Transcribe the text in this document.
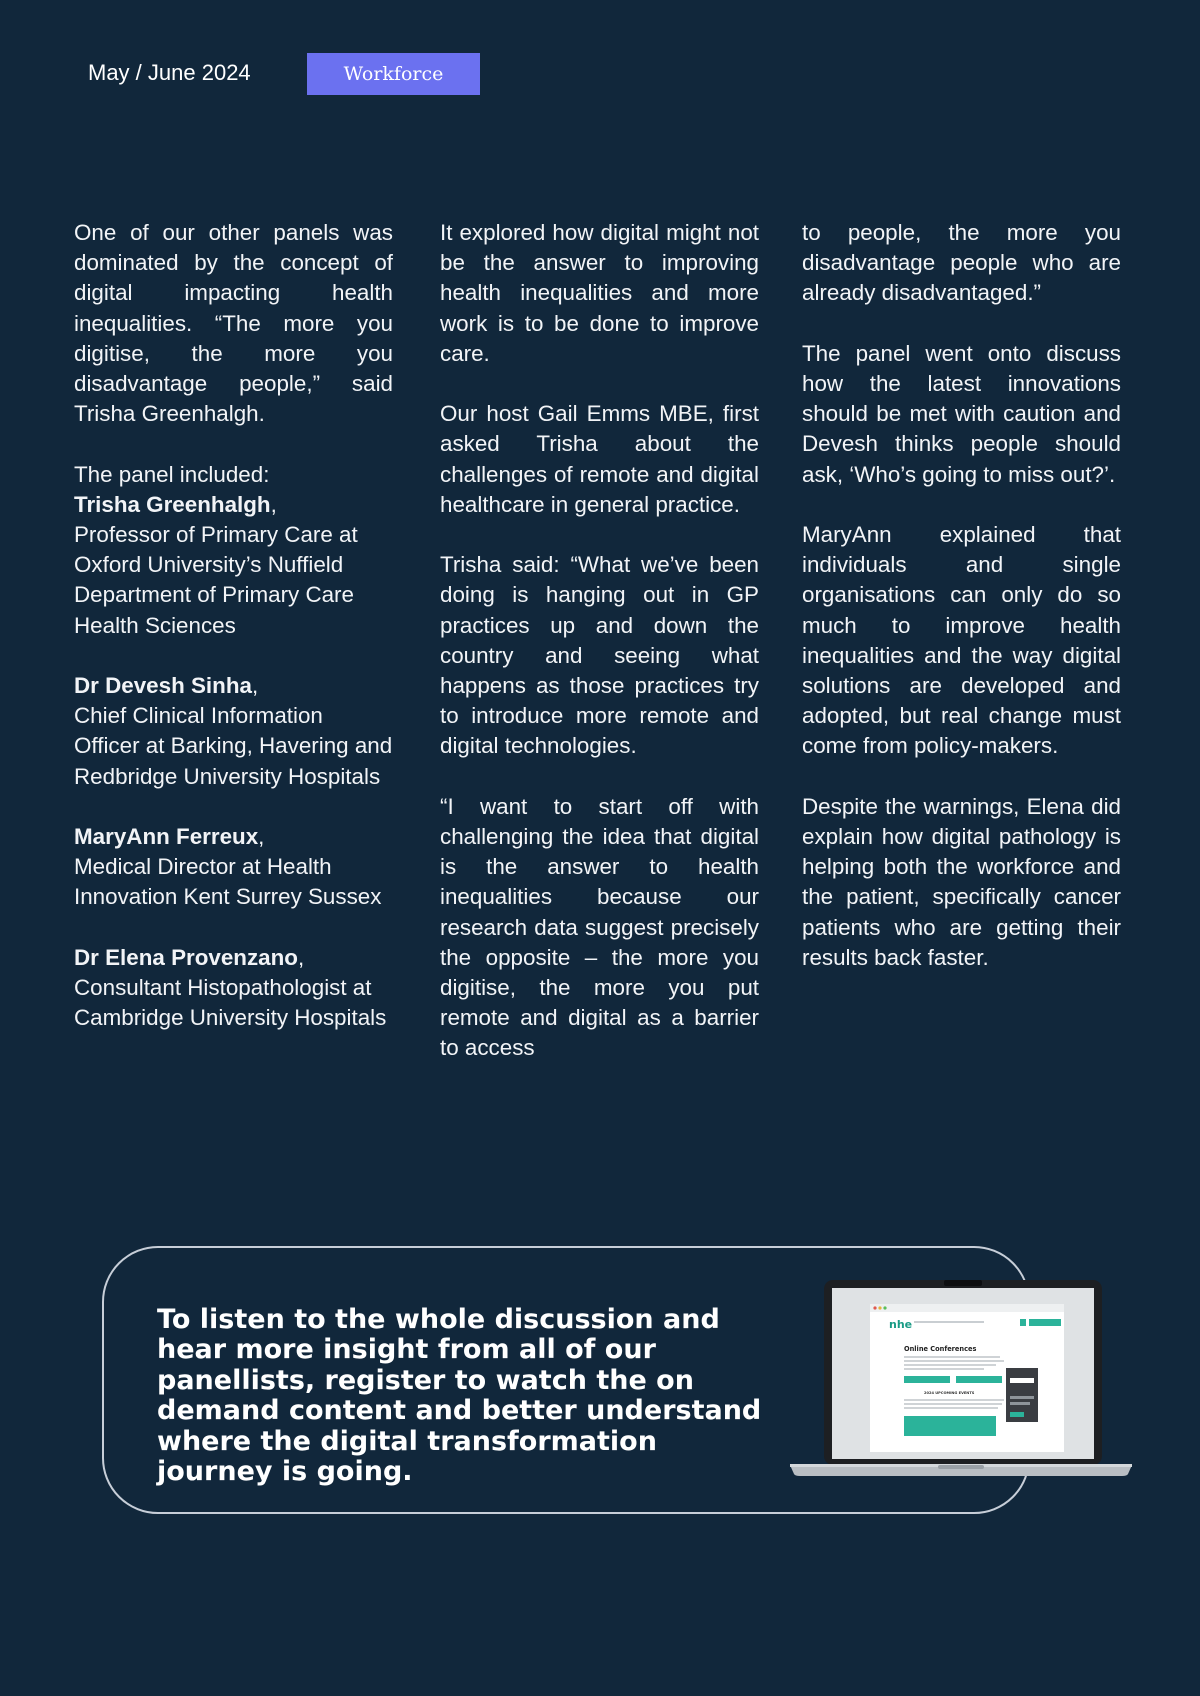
May / June 2024	Workforce

One of our other panels was dominated by the concept of digital impacting health inequalities. “The more you digitise, the more you disadvantage people,” said Trisha Greenhalgh.

The panel included:
Trisha Greenhalgh,
Professor of Primary Care at Oxford University’s Nuffield Department of Primary Care Health Sciences

Dr Devesh Sinha,
Chief Clinical Information Officer at Barking, Havering and Redbridge University Hospitals

MaryAnn Ferreux,
Medical Director at Health Innovation Kent Surrey Sussex

Dr Elena Provenzano,
Consultant Histopathologist at Cambridge University Hospitals

It explored how digital might not be the answer to improving health inequalities and more work is to be done to improve care.

Our host Gail Emms MBE, first asked Trisha about the challenges of remote and digital healthcare in general practice.

Trisha said: “What we’ve been doing is hanging out in GP practices up and down the country and seeing what happens as those practices try to introduce more remote and digital technologies.

“I want to start off with challenging the idea that digital is the answer to health inequalities because our research data suggest precisely the opposite – the more you digitise, the more you put remote and digital as a barrier to access

to people, the more you disadvantage people who are already disadvantaged.”

The panel went onto discuss how the latest innovations should be met with caution and Devesh thinks people should ask, ‘Who’s going to miss out?’.

MaryAnn explained that individuals and single organisations can only do so much to improve health inequalities and the way digital solutions are developed and adopted, but real change must come from policy-makers.

Despite the warnings, Elena did explain how digital pathology is helping both the workforce and the patient, specifically cancer patients who are getting their results back faster.

To listen to the whole discussion and hear more insight from all of our panellists, register to watch the on demand content and better understand where the digital transformation journey is going.
nhe
Online Conferences
2024 UPCOMING EVENTS
